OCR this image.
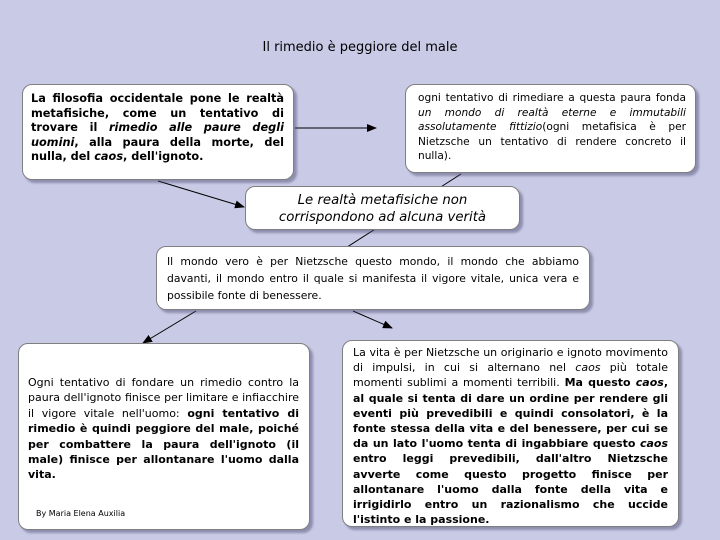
Il rimedio è peggiore del male
La filosofia occidentale pone le realtà metafisiche, come un tentativo di trovare il rimedio alle paure degli uomini, alla paura della morte, del nulla, del caos, dell'ignoto.
ogni tentativo di rimediare a questa paura fonda un mondo di realtà eterne e immutabili assolutamente fittizio(ogni metafisica è per Nietzsche un tentativo di rendere concreto il nulla).
Le realtà metafisiche non corrispondono ad alcuna verità
Il mondo vero è per Nietzsche questo mondo, il mondo che abbiamo davanti, il mondo entro il quale si manifesta il vigore vitale, unica vera e possibile fonte di benessere.
Ogni tentativo di fondare un rimedio contro la paura dell'ignoto finisce per limitare e infiacchire il vigore vitale nell'uomo: ogni tentativo di rimedio è quindi peggiore del male, poiché per combattere la paura dell'ignoto (il male) finisce per allontanare l'uomo dalla vita.
By Maria Elena Auxilia
La vita è per Nietzsche un originario e ignoto movimento di impulsi, in cui si alternano nel caos più totale momenti sublimi a momenti terribili. Ma questo caos, al quale si tenta di dare un ordine per rendere gli eventi più prevedibili e quindi consolatori, è la fonte stessa della vita e del benessere, per cui se da un lato l'uomo tenta di ingabbiare questo caos entro leggi prevedibili, dall'altro Nietzsche avverte come questo progetto finisce per allontanare l'uomo dalla fonte della vita e irrigidirlo entro un razionalismo che uccide l'istinto e la passione.
